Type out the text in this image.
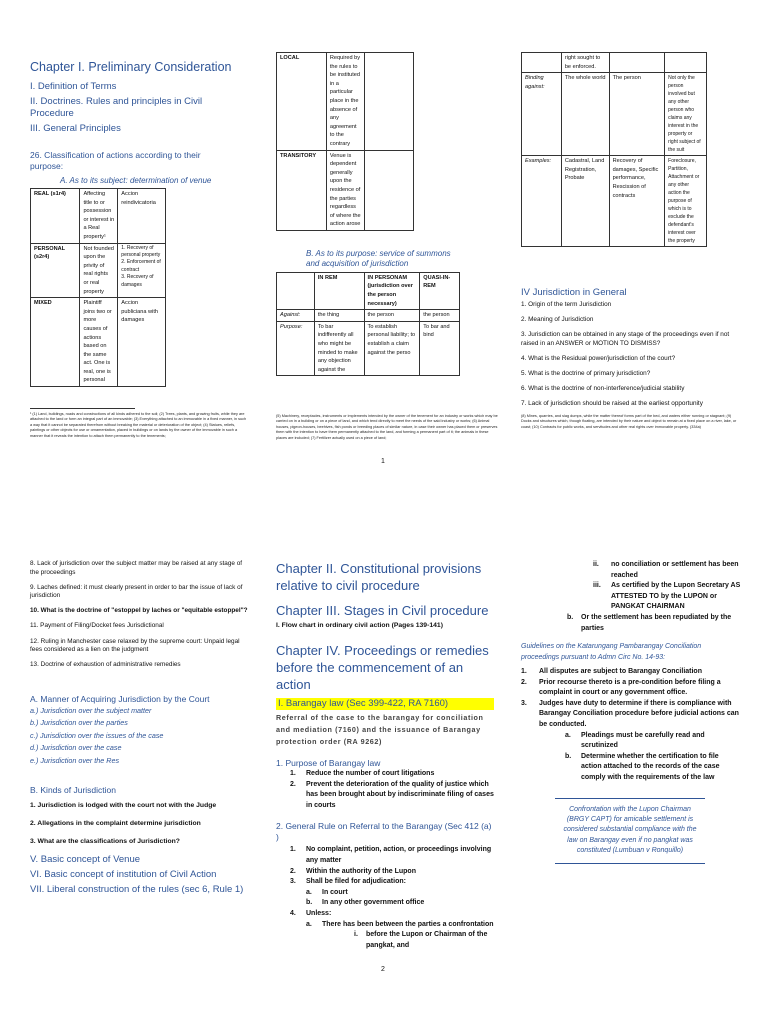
Chapter I. Preliminary Consideration
I. Definition of Terms
II. Doctrines. Rules and principles in Civil Procedure
III. General Principles
26. Classification of actions according to their purpose:
A. As to its subject: determination of venue
REAL (s1r4)	Affecting title to or possession or interest in a Real property¹	Accion reindivicatoria
PERSONAL (s2r4)	Not founded upon the privity of real rights or real property	1. Recovery of personal property
2. Enforcement of contract
3. Recovery of damages
MIXED	Plaintiff joins two or more causes of actions based on the same act. One is real, one is personal	Accion publiciana with damages
¹ (1) Land, buildings, roads and constructions of all kinds adhered to the soil; (2) Trees, plants, and growing fruits, while they are attached to the land or form an integral part of an immovable; (3) Everything attached to an immovable in a fixed manner, in such a way that it cannot be separated therefrom without breaking the material or deterioration of the object; (4) Statues, reliefs, paintings or other objects for use or ornamentation, placed in buildings or on lands by the owner of the immovable in such a manner that it reveals the intention to attach them permanently to the tenements;
LOCAL	Required by the rules to be instituted in a particular place in the absence of any agreement to the contrary	
TRANSITORY	Venue is dependent generally upon the residence of the parties regardless of where the action arose	
B. As to its purpose: service of summons and acquisition of jurisdiction
	IN REM	IN PERSONAM (jurisdiction over the person necessary)	QUASI-IN-REM
Against:	the thing	the person	the person
Purpose:	To bar indifferently all who might be minded to make any objection against the	To establish personal liability; to establish a claim against the perso	To bar and bind
(5) Machinery, receptacles, instruments or implements intended by the owner of the tenement for an industry or works which may be carried on in a building or on a piece of land, and which tend directly to meet the needs of the said industry or works; (6) Animal houses, pigeon-houses, beehives, fish ponds or breeding places of similar nature, in case their owner has placed them or preserves them with the intention to have them permanently attached to the land, and forming a permanent part of it; the animals in these places are included; (7) Fertilizer actually used on a piece of land;
1
	right sought to be enforced.		
Binding against:	The whole world	The person	Not only the person involved but any other person who claims any interest in the property or right subject of the suit
Examples:	Cadastral, Land Registration, Probate	Recovery of damages, Specific performance, Rescission of contracts	Foreclosure, Partition, Attachment or any other action the purpose of which is to exclude the defendant's interest over the property
IV Jurisdiction in General
1. Origin of the term Jurisdiction
2. Meaning of Jurisdiction
3. Jurisdiction can be obtained in any stage of the proceedings even if not raised in an ANSWER or MOTION TO DISMISS?
4. What is the Residual power/jurisdiction of the court?
5. What is the doctrine of primary jurisdiction?
6. What is the doctrine of non-interference/judicial stability
7. Lack of jurisdiction should be raised at the earliest opportunity
(8) Mines, quarries, and slag dumps, while the matter thereof forms part of the bed, and waters either running or stagnant; (9) Docks and structures which, though floating, are intended by their nature and object to remain at a fixed place on a river, lake, or coast; (10) Contracts for public works, and servitudes and other real rights over immovable property. (334a)
8. Lack of jurisdiction over the subject matter may be raised at any stage of the proceedings
9. Laches defined: it must clearly present in order to bar the issue of lack of jurisdiction
10. What is the doctrine of "estoppel by laches or "equitable estoppel"?
11. Payment of Filing/Docket fees Jurisdictional
12. Ruling in Manchester case relaxed by the supreme court: Unpaid legal fees considered as a lien on the judgment
13. Doctrine of exhaustion of administrative remedies
A. Manner of Acquiring Jurisdiction by the Court
a.) Jurisdiction over the subject matter
b.) Jurisdiction over the parties
c.) Jurisdiction over the issues of the case
d.) Jurisdiction over the case
e.) Jurisdiction over the Res
B. Kinds of Jurisdiction
1. Jurisdiction is lodged with the court not with the Judge
2. Allegations in the complaint determine jurisdiction
3. What are the classifications of Jurisdiction?
V. Basic concept of Venue
VI. Basic concept of institution of Civil Action
VII. Liberal construction of the rules (sec 6, Rule 1)
Chapter II. Constitutional provisions relative to civil procedure
Chapter III. Stages in Civil procedure
I. Flow chart in ordinary civil action (Pages 139-141)
Chapter IV. Proceedings or remedies before the commencement of an action
I. Barangay law (Sec 399-422, RA 7160)
Referral of the case to the barangay for conciliation and mediation (7160) and the issuance of Barangay protection order (RA 9262)
1. Purpose of Barangay law
1. Reduce the number of court litigations
2. Prevent the deterioration of the quality of justice which has been brought about by indiscriminate filing of cases in courts
2. General Rule on Referral to the Barangay (Sec 412 (a) )
1. No complaint, petition, action, or proceedings involving any matter
2. Within the authority of the Lupon
3. Shall be filed for adjudication:
a. In court
b. In any other government office
4. Unless:
a. There has been between the parties a confrontation
i. before the Lupon or Chairman of the pangkat, and
2
ii. no conciliation or settlement has been reached
iii. As certified by the Lupon Secretary AS ATTESTED TO by the LUPON or PANGKAT CHAIRMAN
b. Or the settlement has been repudiated by the parties
Guidelines on the Katarungang Pambarangay Conciliation proceedings pursuant to Admn Circ No. 14-93:
1. All disputes are subject to Barangay Conciliation
2. Prior recourse thereto is a pre-condition before filing a complaint in court or any government office.
3. Judges have duty to determine if there is compliance with Barangay Conciliation procedure before judicial actions can be conducted.
a. Pleadings must be carefully read and scrutinized
b. Determine whether the certification to file action attached to the records of the case comply with the requirements of the law
Confrontation with the Lupon Chairman (BRGY CAPT) for amicable settlement is considered substantial compliance with the law on Barangay even if no pangkat was constituted (Lumbuan v Ronquillo)
